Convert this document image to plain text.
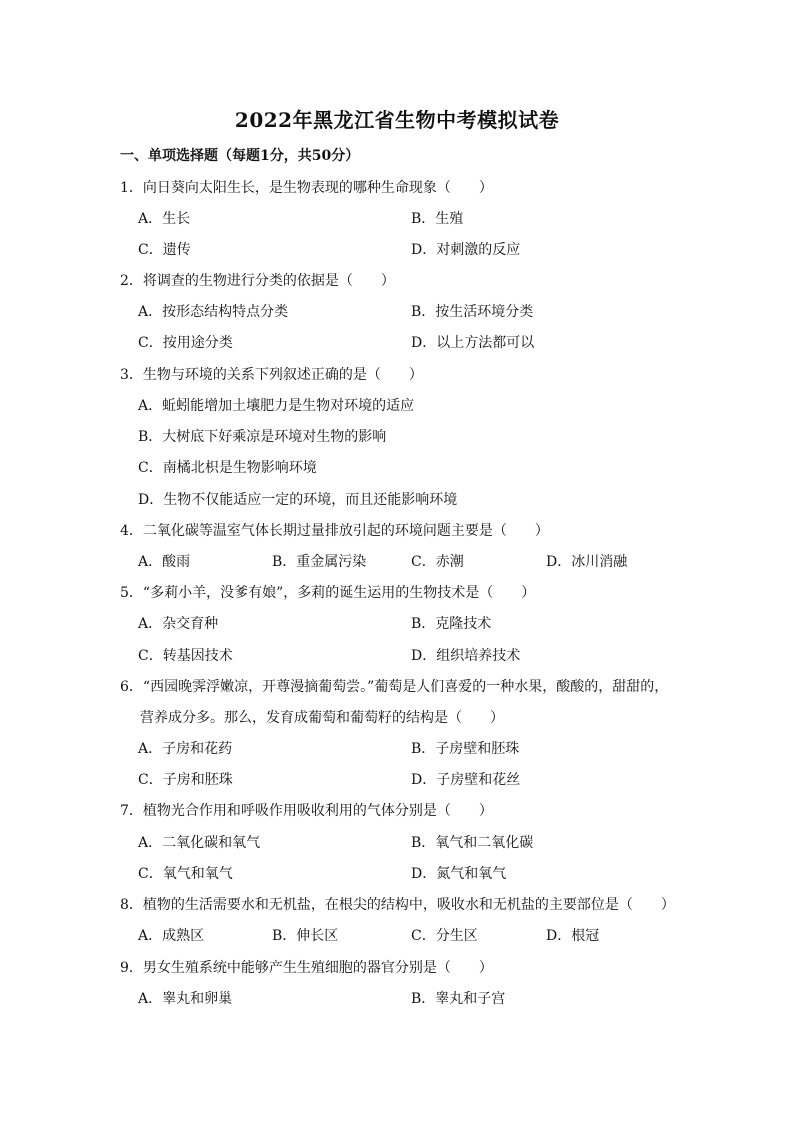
2022年黑龙江省生物中考模拟试卷
一、单项选择题（每题1分，共50分）
1．向日葵向太阳生长，是生物表现的哪种生命现象（　　）
A．生长	B．生殖
C．遗传	D．对刺激的反应
2．将调查的生物进行分类的依据是（　　）
A．按形态结构特点分类	B．按生活环境分类
C．按用途分类	D．以上方法都可以
3．生物与环境的关系下列叙述正确的是（　　）
A．蚯蚓能增加土壤肥力是生物对环境的适应
B．大树底下好乘凉是环境对生物的影响
C．南橘北枳是生物影响环境
D．生物不仅能适应一定的环境，而且还能影响环境
4．二氧化碳等温室气体长期过量排放引起的环境问题主要是（　　）
A．酸雨	B．重金属污染	C．赤潮	D．冰川消融
5．“多莉小羊，没爹有娘”，多莉的诞生运用的生物技术是（　　）
A．杂交育种	B．克隆技术
C．转基因技术	D．组织培养技术
6．“西园晚霁浮嫩凉，开尊漫摘葡萄尝。”葡萄是人们喜爱的一种水果，酸酸的，甜甜的，
营养成分多。那么，发育成葡萄和葡萄籽的结构是（　　）
A．子房和花药	B．子房壁和胚珠
C．子房和胚珠	D．子房壁和花丝
7．植物光合作用和呼吸作用吸收利用的气体分别是（　　）
A．二氧化碳和氧气	B．氧气和二氧化碳
C．氧气和氧气	D．氮气和氧气
8．植物的生活需要水和无机盐，在根尖的结构中，吸收水和无机盐的主要部位是（　　）
A．成熟区	B．伸长区	C．分生区	D．根冠
9．男女生殖系统中能够产生生殖细胞的器官分别是（　　）
A．睾丸和卵巢	B．睾丸和子宫
